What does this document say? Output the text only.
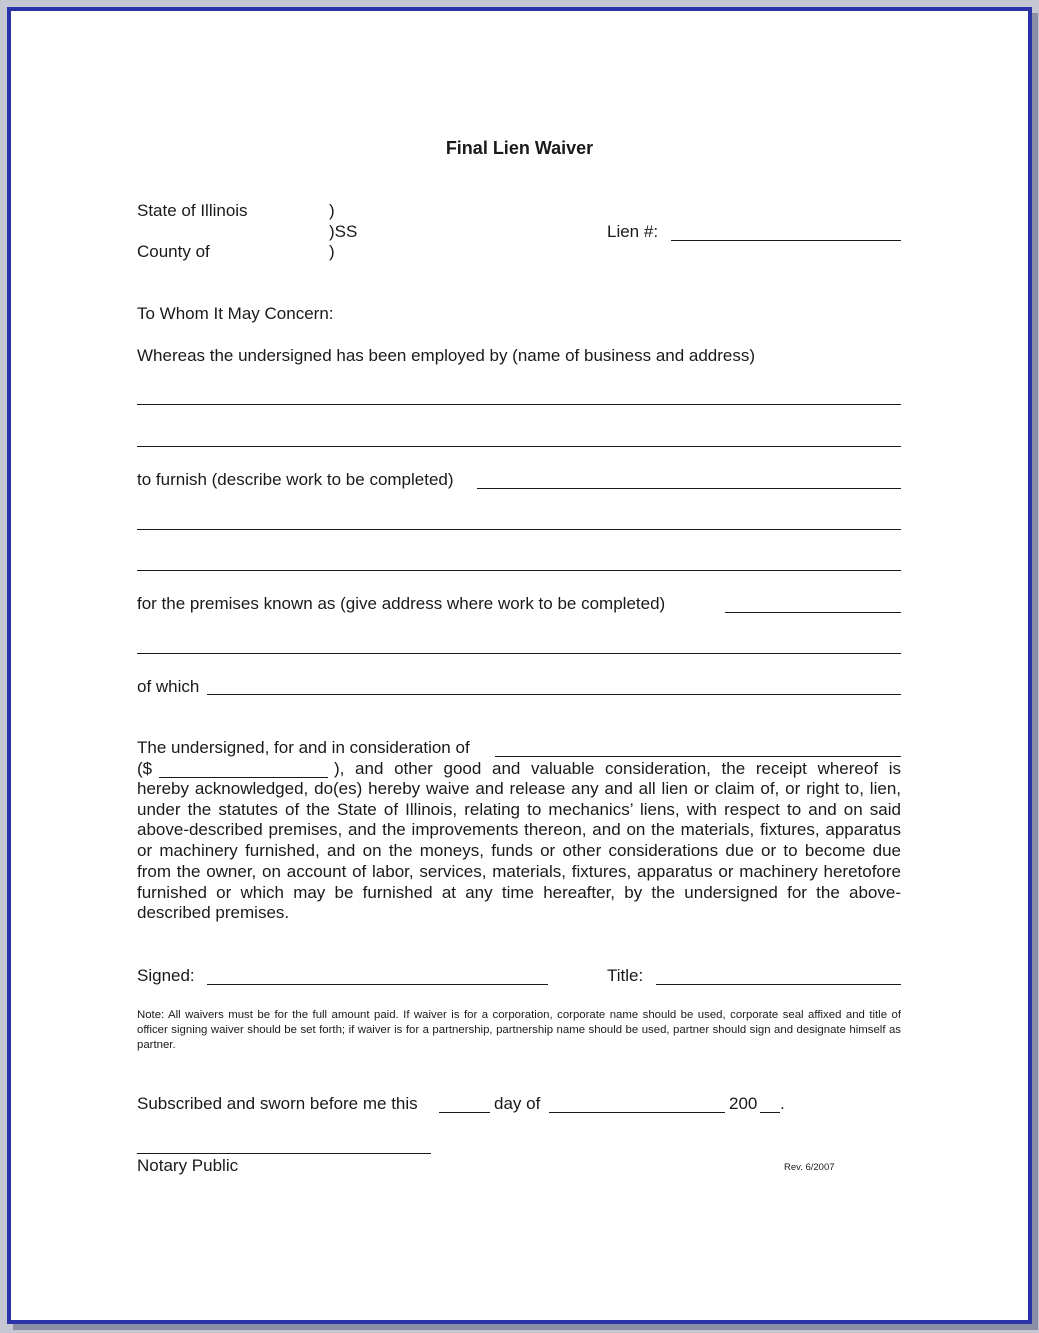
Final Lien Waiver
State of Illinois	)
)SS
County of	)
Lien #:
To Whom It May Concern:
Whereas the undersigned has been employed by (name of business and address)
to furnish (describe work to be completed)
for the premises known as (give address where work to be completed)
of which
The undersigned, for and in consideration of
($	), and other good and valuable consideration, the receipt whereof is
hereby acknowledged, do(es) hereby waive and release any and all lien or claim of, or right to, lien, under the statutes of the State of Illinois, relating to mechanics’ liens, with respect to and on said above-described premises, and the improvements thereon, and on the materials, fixtures, apparatus or machinery furnished, and on the moneys, funds or other considerations due or to become due from the owner, on account of labor, services, materials, fixtures, apparatus or machinery heretofore furnished or which may be furnished at any time hereafter, by the undersigned for the above-described premises.
Signed:	Title:
Note: All waivers must be for the full amount paid. If waiver is for a corporation, corporate name should be used, corporate seal affixed and title of officer signing waiver should be set forth; if waiver is for a partnership, partnership name should be used, partner should sign and designate himself as partner.
Subscribed and sworn before me this	day of	200 .
Notary Public	Rev. 6/2007
